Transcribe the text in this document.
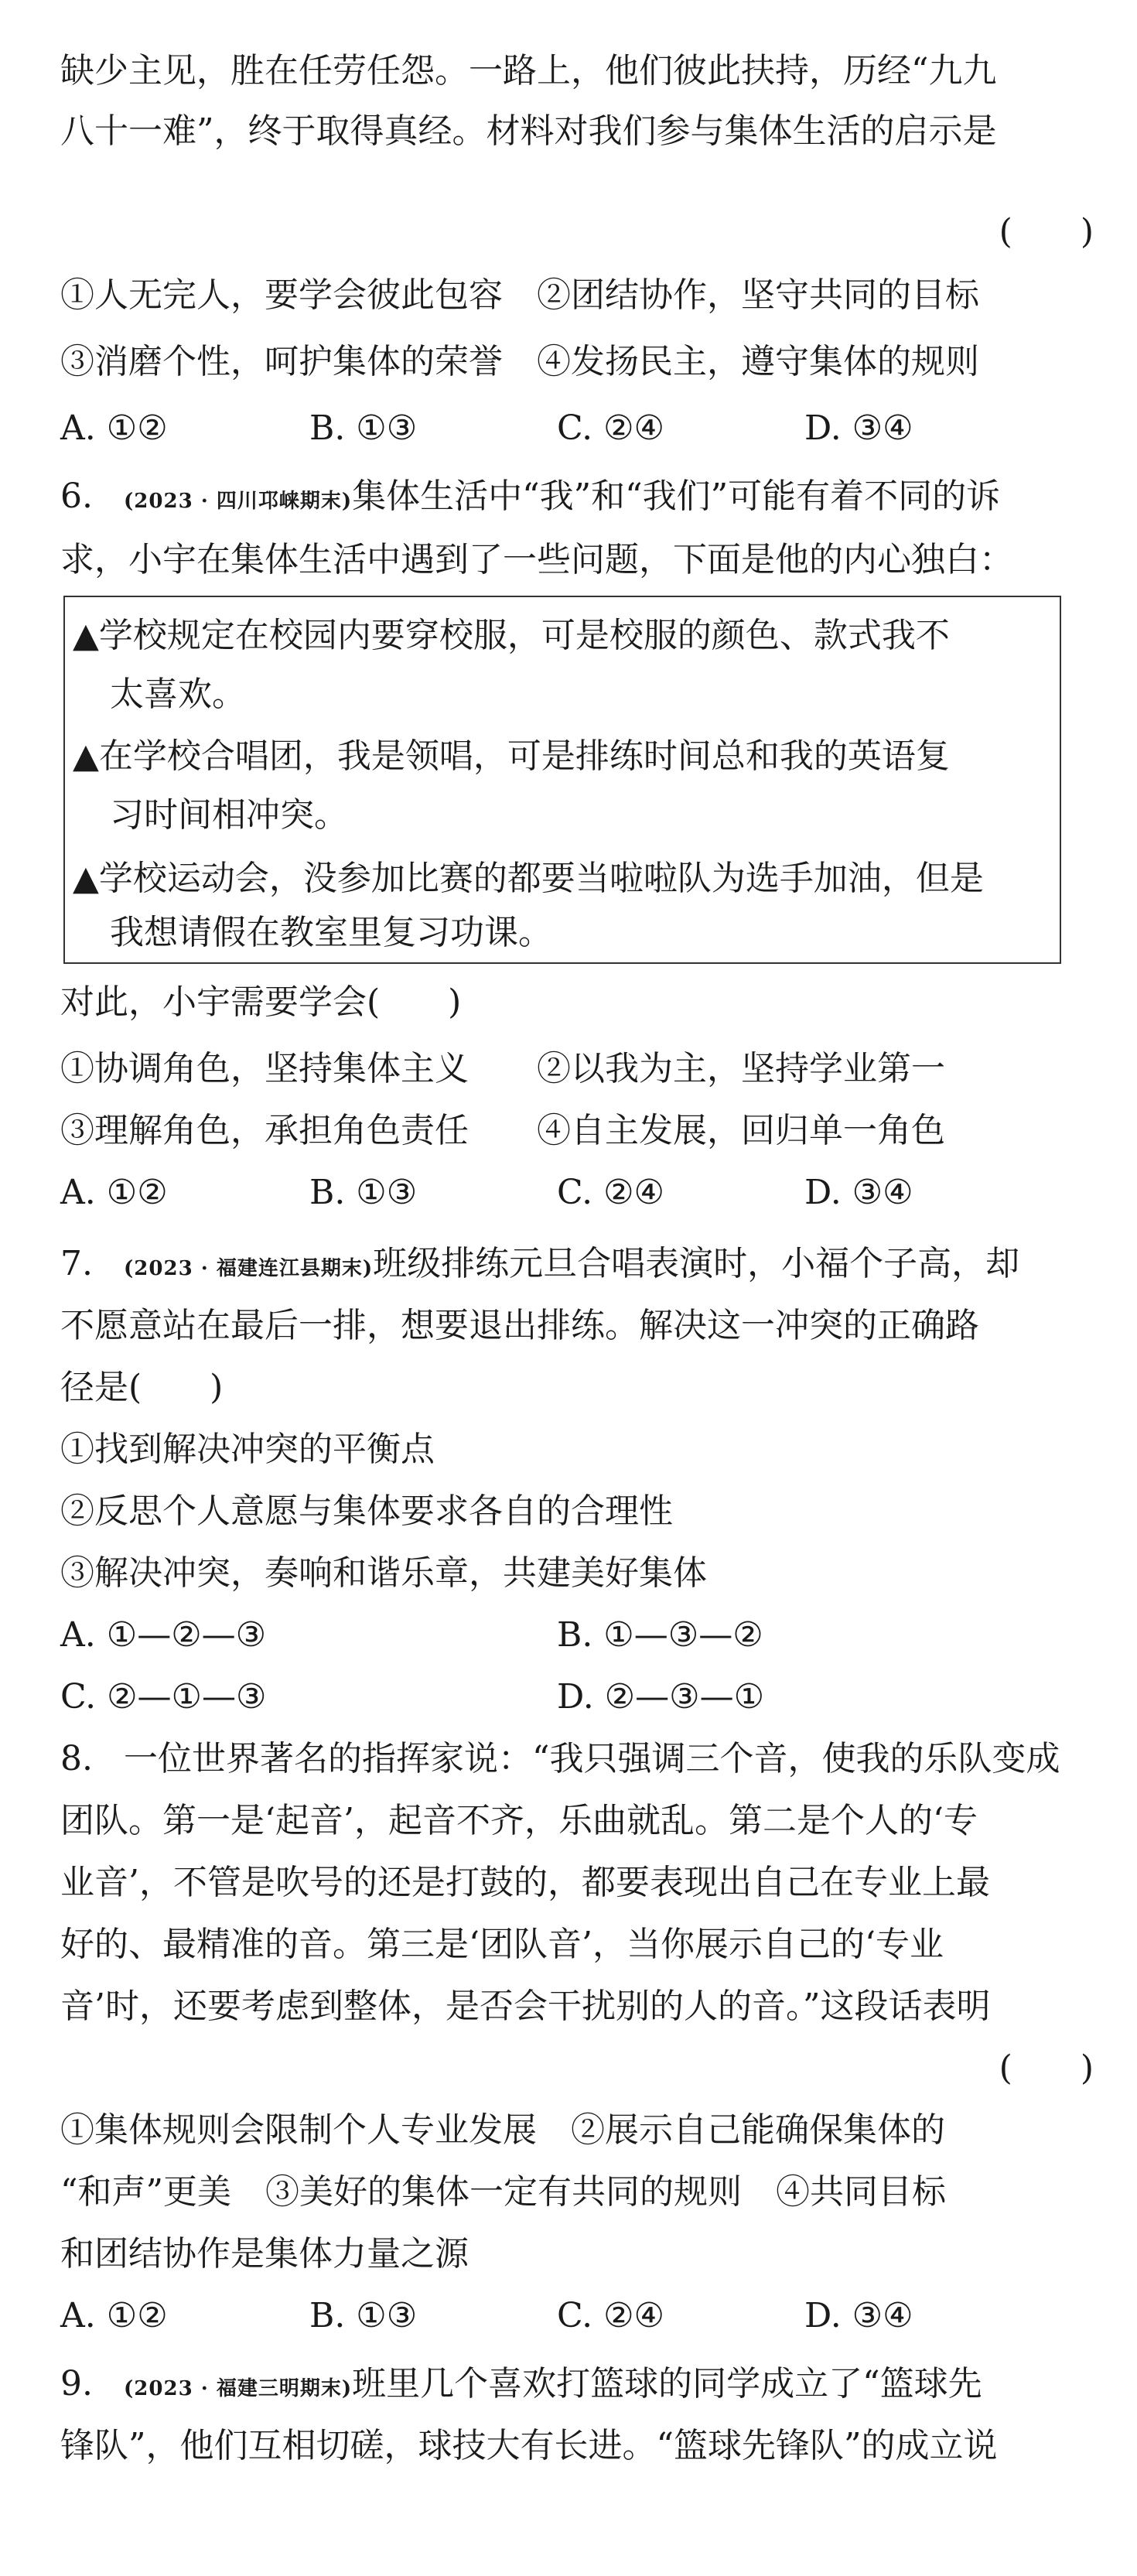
缺少主见，胜在任劳任怨。一路上，他们彼此扶持，历经“九九
八十一难”，终于取得真经。材料对我们参与集体生活的启示是
(　　)
①人无完人，要学会彼此包容　②团结协作，坚守共同的目标
③消磨个性，呵护集体的荣誉　④发扬民主，遵守集体的规则
A. ①②	B. ①③	C. ②④	D. ③④
6. (2023 · 四川邛崃期末)集体生活中“我”和“我们”可能有着不同的诉
求，小宇在集体生活中遇到了一些问题，下面是他的内心独白：
▲学校规定在校园内要穿校服，可是校服的颜色、款式我不
太喜欢。
▲在学校合唱团，我是领唱，可是排练时间总和我的英语复
习时间相冲突。
▲学校运动会，没参加比赛的都要当啦啦队为选手加油，但是
我想请假在教室里复习功课。
对此，小宇需要学会(　　)
①协调角色，坚持集体主义　　②以我为主，坚持学业第一
③理解角色，承担角色责任　　④自主发展，回归单一角色
A. ①②	B. ①③	C. ②④	D. ③④
7. (2023 · 福建连江县期末)班级排练元旦合唱表演时，小福个子高，却
不愿意站在最后一排，想要退出排练。解决这一冲突的正确路
径是(　　)
①找到解决冲突的平衡点
②反思个人意愿与集体要求各自的合理性
③解决冲突，奏响和谐乐章，共建美好集体
A. ①—②—③	B. ①—③—②
C. ②—①—③	D. ②—③—①
8. 一位世界著名的指挥家说：“我只强调三个音，使我的乐队变成
团队。第一是‘起音’，起音不齐，乐曲就乱。第二是个人的‘专
业音’，不管是吹号的还是打鼓的，都要表现出自己在专业上最
好的、最精准的音。第三是‘团队音’，当你展示自己的‘专业
音’时，还要考虑到整体，是否会干扰别的人的音。”这段话表明
(　　)
①集体规则会限制个人专业发展　②展示自己能确保集体的
“和声”更美　③美好的集体一定有共同的规则　④共同目标
和团结协作是集体力量之源
A. ①②	B. ①③	C. ②④	D. ③④
9. (2023 · 福建三明期末)班里几个喜欢打篮球的同学成立了“篮球先
锋队”，他们互相切磋，球技大有长进。“篮球先锋队”的成立说
